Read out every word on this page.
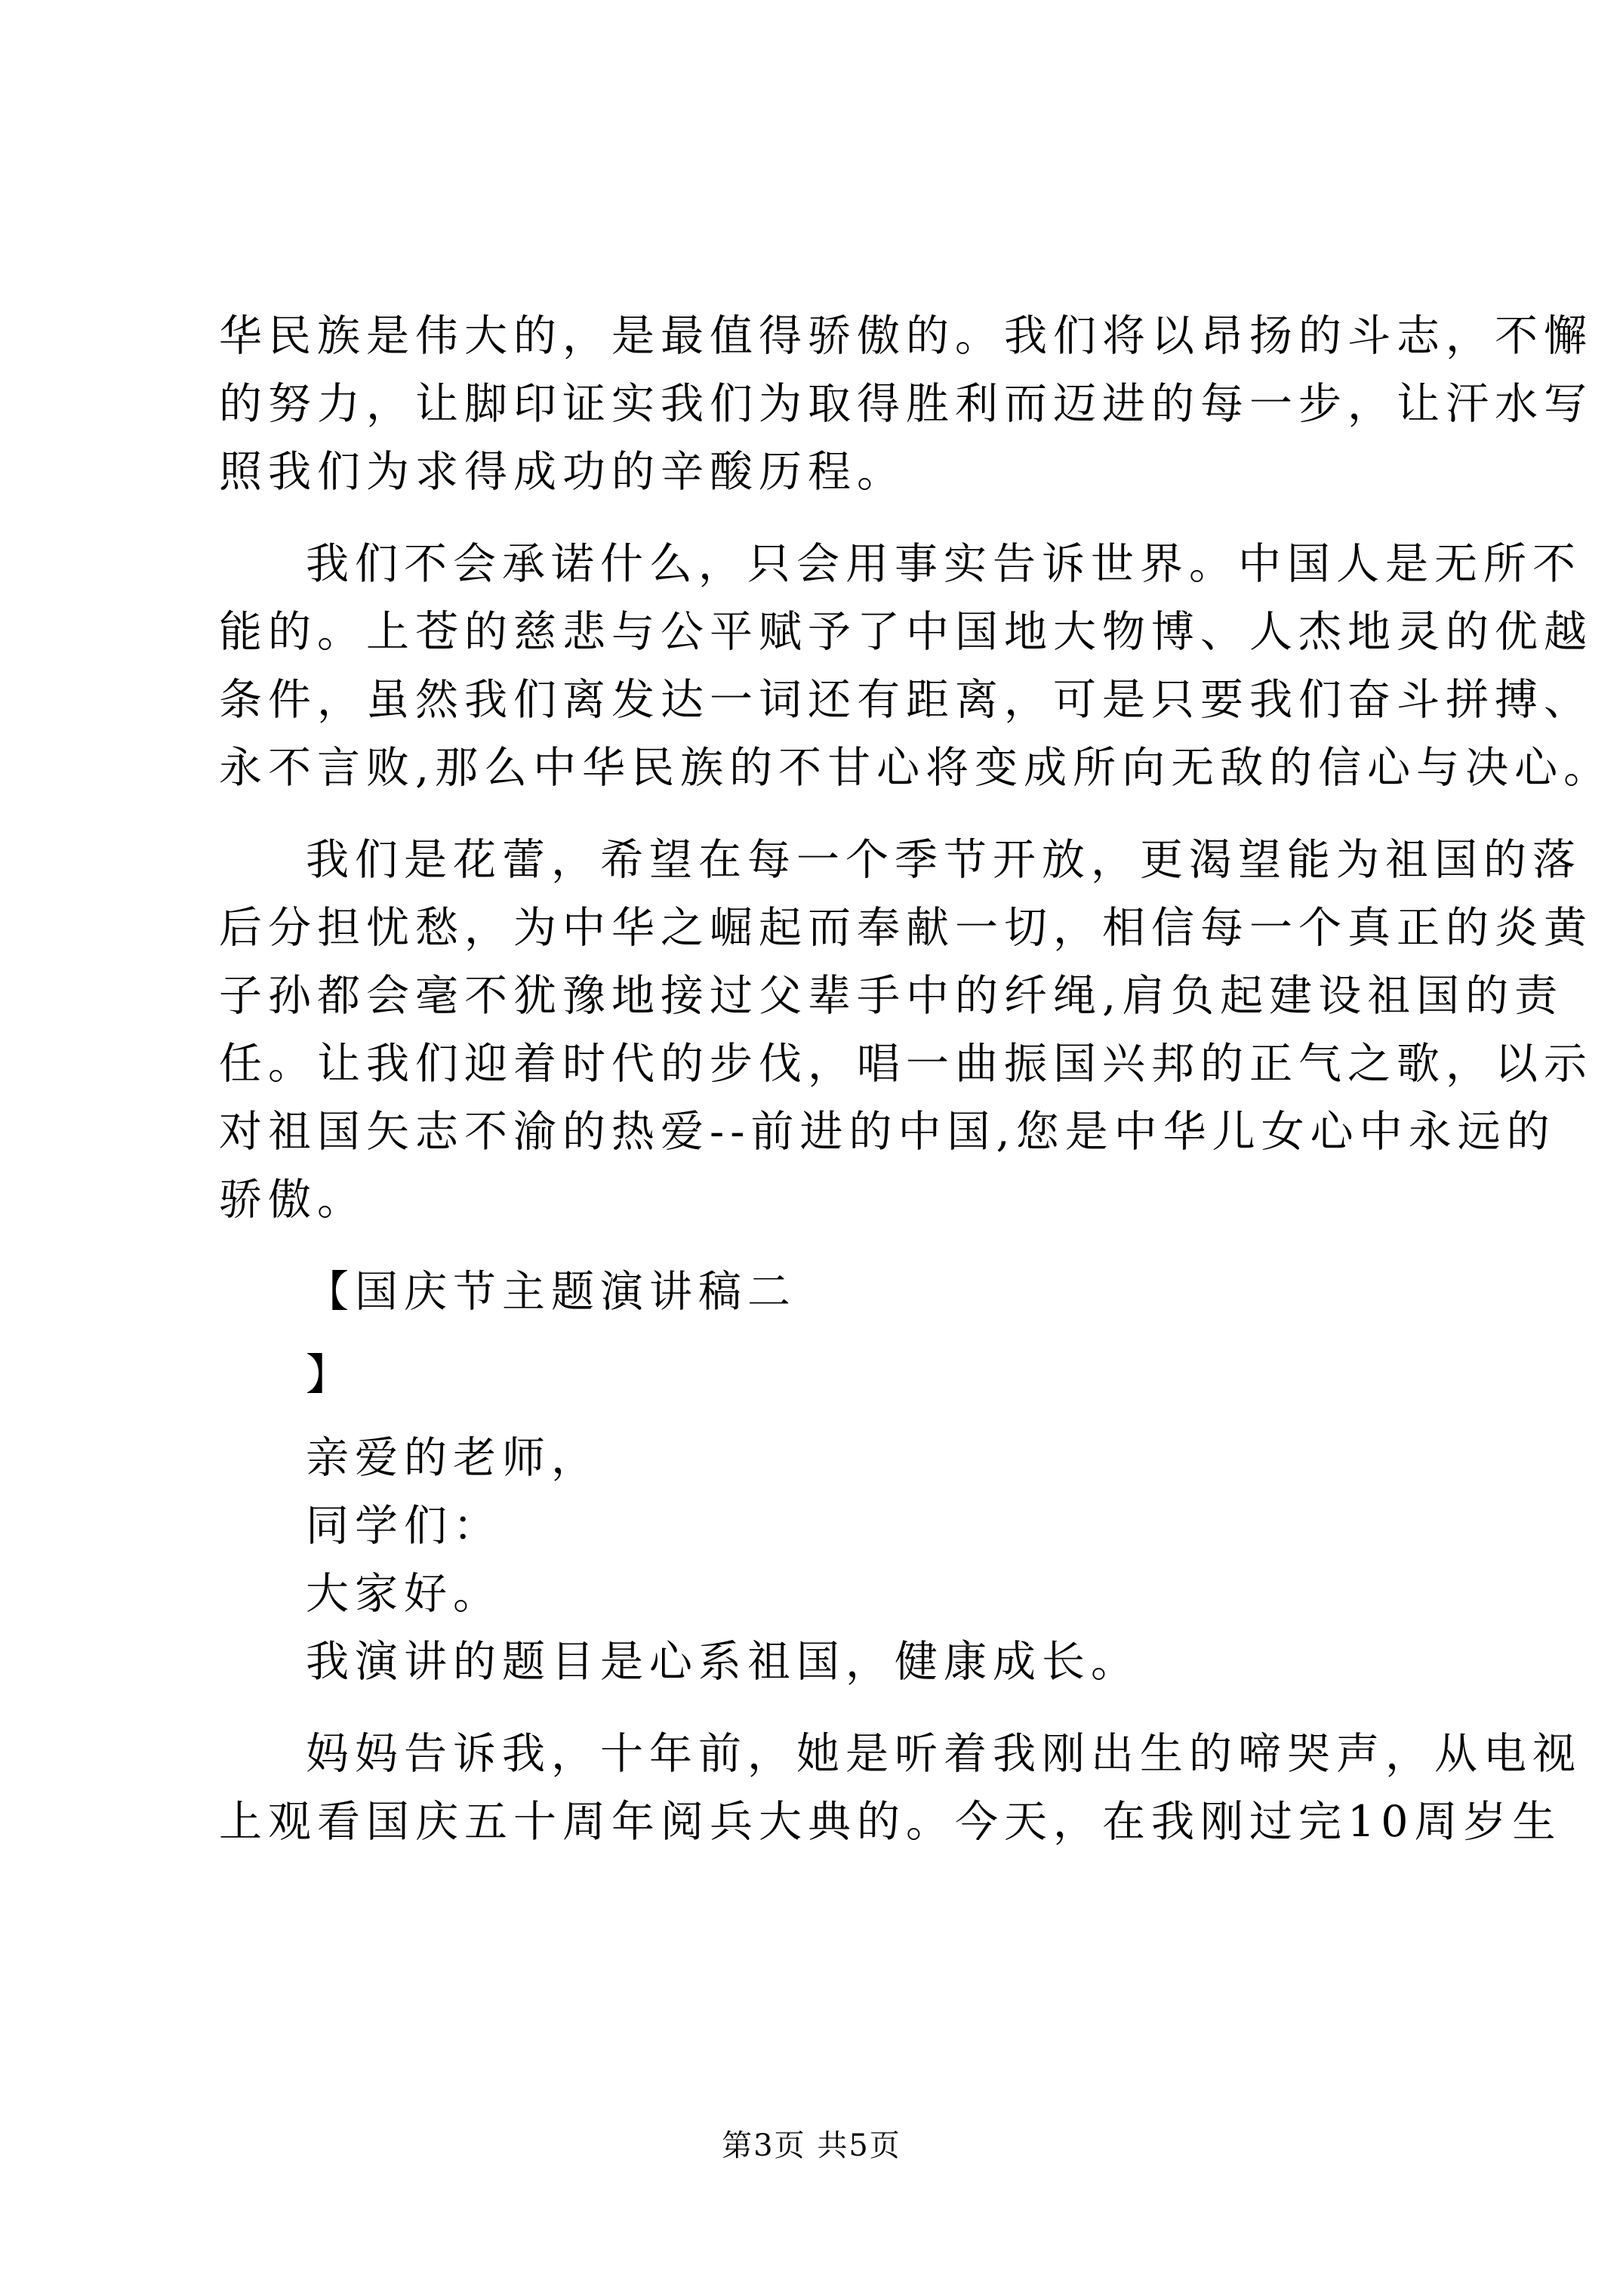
华民族是伟大的，是最值得骄傲的。我们将以昂扬的斗志，不懈
的努力，让脚印证实我们为取得胜利而迈进的每一步，让汗水写
照我们为求得成功的辛酸历程。
我们不会承诺什么，只会用事实告诉世界。中国人是无所不
能的。上苍的慈悲与公平赋予了中国地大物博、人杰地灵的优越
条件，虽然我们离发达一词还有距离，可是只要我们奋斗拼搏、
永不言败,那么中华民族的不甘心将变成所向无敌的信心与决心。
我们是花蕾，希望在每一个季节开放，更渴望能为祖国的落
后分担忧愁，为中华之崛起而奉献一切，相信每一个真正的炎黄
子孙都会毫不犹豫地接过父辈手中的纤绳,肩负起建设祖国的责
任。让我们迎着时代的步伐，唱一曲振国兴邦的正气之歌，以示
对祖国矢志不渝的热爱--前进的中国,您是中华儿女心中永远的
骄傲。
【国庆节主题演讲稿二
】
亲爱的老师，
同学们：
大家好。
我演讲的题目是心系祖国，健康成长。
妈妈告诉我，十年前，她是听着我刚出生的啼哭声，从电视
上观看国庆五十周年阅兵大典的。今天，在我刚过完10周岁生
第3页 共5页
